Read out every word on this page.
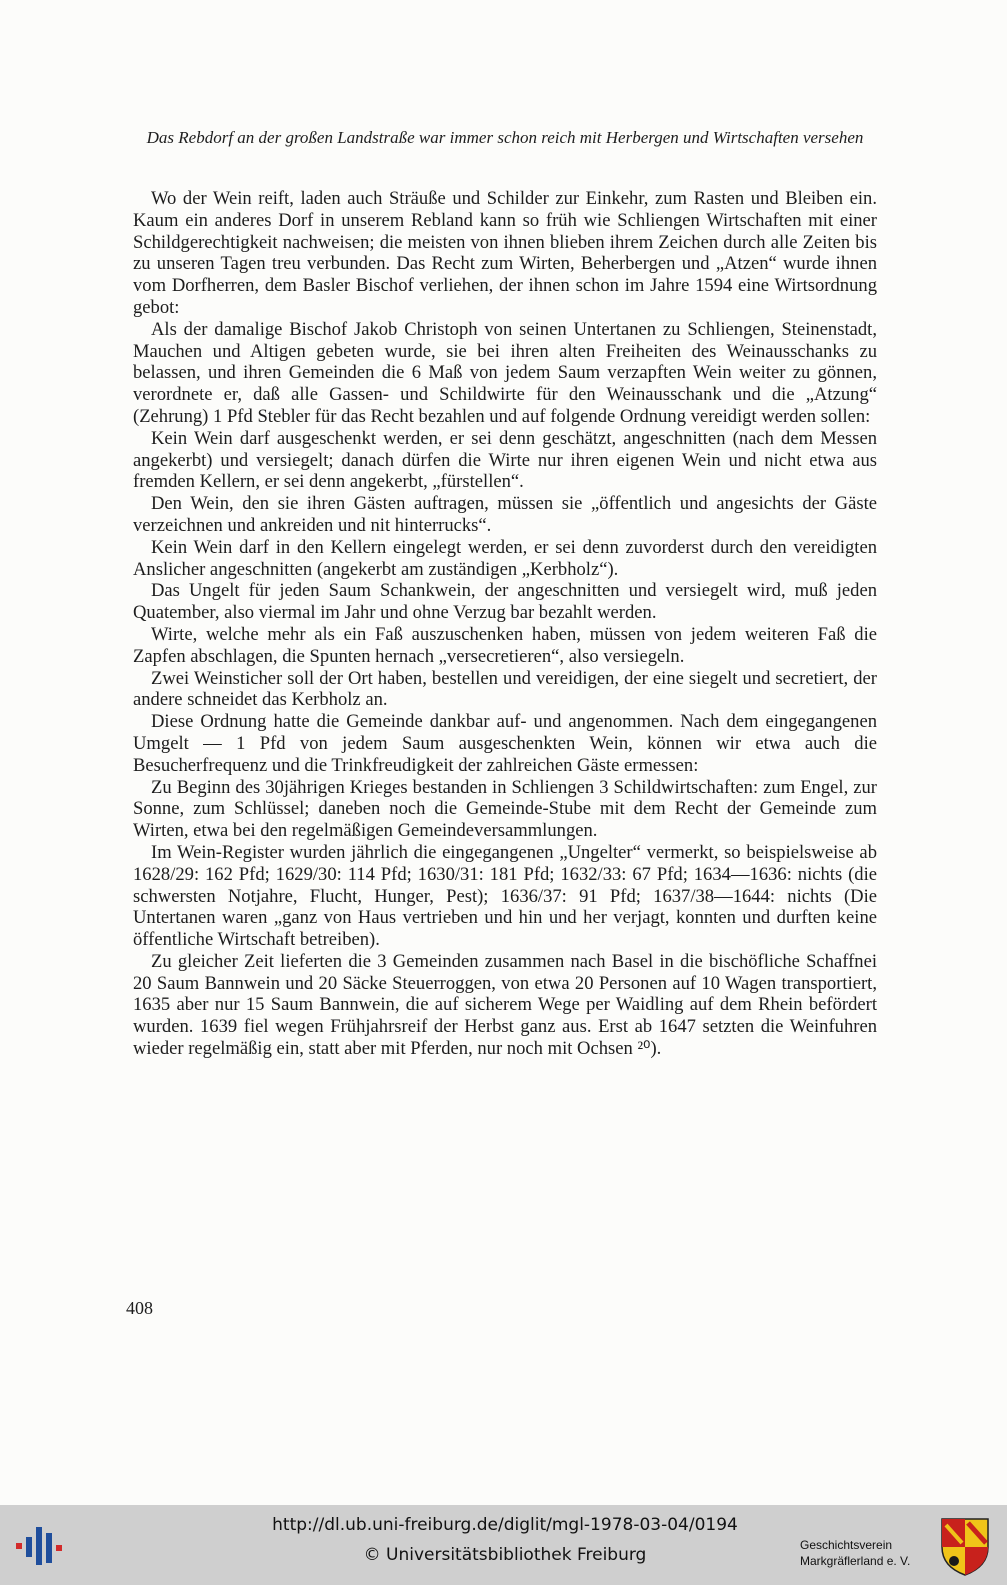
Das Rebdorf an der großen Landstraße war immer schon reich mit Herbergen und Wirtschaften versehen

Wo der Wein reift, laden auch Sträuße und Schilder zur Einkehr, zum Rasten und Bleiben ein. Kaum ein anderes Dorf in unserem Rebland kann so früh wie Schliengen Wirtschaften mit einer Schildgerechtigkeit nachweisen; die meisten von ihnen blieben ihrem Zeichen durch alle Zeiten bis zu unseren Tagen treu verbunden. Das Recht zum Wirten, Beherbergen und „Atzen“ wurde ihnen vom Dorfherren, dem Basler Bischof verliehen, der ihnen schon im Jahre 1594 eine Wirtsordnung gebot:

Als der damalige Bischof Jakob Christoph von seinen Untertanen zu Schliengen, Steinenstadt, Mauchen und Altigen gebeten wurde, sie bei ihren alten Freiheiten des Weinausschanks zu belassen, und ihren Gemeinden die 6 Maß von jedem Saum verzapften Wein weiter zu gönnen, verordnete er, daß alle Gassen- und Schildwirte für den Weinausschank und die „Atzung“ (Zehrung) 1 Pfd Stebler für das Recht bezahlen und auf folgende Ordnung vereidigt werden sollen:

Kein Wein darf ausgeschenkt werden, er sei denn geschätzt, angeschnitten (nach dem Messen angekerbt) und versiegelt; danach dürfen die Wirte nur ihren eigenen Wein und nicht etwa aus fremden Kellern, er sei denn angekerbt, „fürstellen“.

Den Wein, den sie ihren Gästen auftragen, müssen sie „öffentlich und angesichts der Gäste verzeichnen und ankreiden und nit hinterrucks“.

Kein Wein darf in den Kellern eingelegt werden, er sei denn zuvorderst durch den vereidigten Anslicher angeschnitten (angekerbt am zuständigen „Kerbholz“).

Das Ungelt für jeden Saum Schankwein, der angeschnitten und versiegelt wird, muß jeden Quatember, also viermal im Jahr und ohne Verzug bar bezahlt werden.

Wirte, welche mehr als ein Faß auszuschenken haben, müssen von jedem weiteren Faß die Zapfen abschlagen, die Spunten hernach „versecretieren“, also versiegeln.

Zwei Weinsticher soll der Ort haben, bestellen und vereidigen, der eine siegelt und secretiert, der andere schneidet das Kerbholz an.

Diese Ordnung hatte die Gemeinde dankbar auf- und angenommen. Nach dem eingegangenen Umgelt — 1 Pfd von jedem Saum ausgeschenkten Wein, können wir etwa auch die Besucherfrequenz und die Trinkfreudigkeit der zahlreichen Gäste ermessen:

Zu Beginn des 30jährigen Krieges bestanden in Schliengen 3 Schildwirtschaften: zum Engel, zur Sonne, zum Schlüssel; daneben noch die Gemeinde-Stube mit dem Recht der Gemeinde zum Wirten, etwa bei den regelmäßigen Gemeindeversammlungen.

Im Wein-Register wurden jährlich die eingegangenen „Ungelter“ vermerkt, so beispielsweise ab 1628/29: 162 Pfd; 1629/30: 114 Pfd; 1630/31: 181 Pfd; 1632/33: 67 Pfd; 1634—1636: nichts (die schwersten Notjahre, Flucht, Hunger, Pest); 1636/37: 91 Pfd; 1637/38—1644: nichts (Die Untertanen waren „ganz von Haus vertrieben und hin und her verjagt, konnten und durften keine öffentliche Wirtschaft betreiben).

Zu gleicher Zeit lieferten die 3 Gemeinden zusammen nach Basel in die bischöfliche Schaffnei 20 Saum Bannwein und 20 Säcke Steuerroggen, von etwa 20 Personen auf 10 Wagen transportiert, 1635 aber nur 15 Saum Bannwein, die auf sicherem Wege per Waidling auf dem Rhein befördert wurden. 1639 fiel wegen Frühjahrsreif der Herbst ganz aus. Erst ab 1647 setzten die Weinfuhren wieder regelmäßig ein, statt aber mit Pferden, nur noch mit Ochsen ²⁰).

408
http://dl.ub.uni-freiburg.de/diglit/mgl-1978-03-04/0194
© Universitätsbibliothek Freiburg	Geschichtsverein
Markgräflerland e. V.
